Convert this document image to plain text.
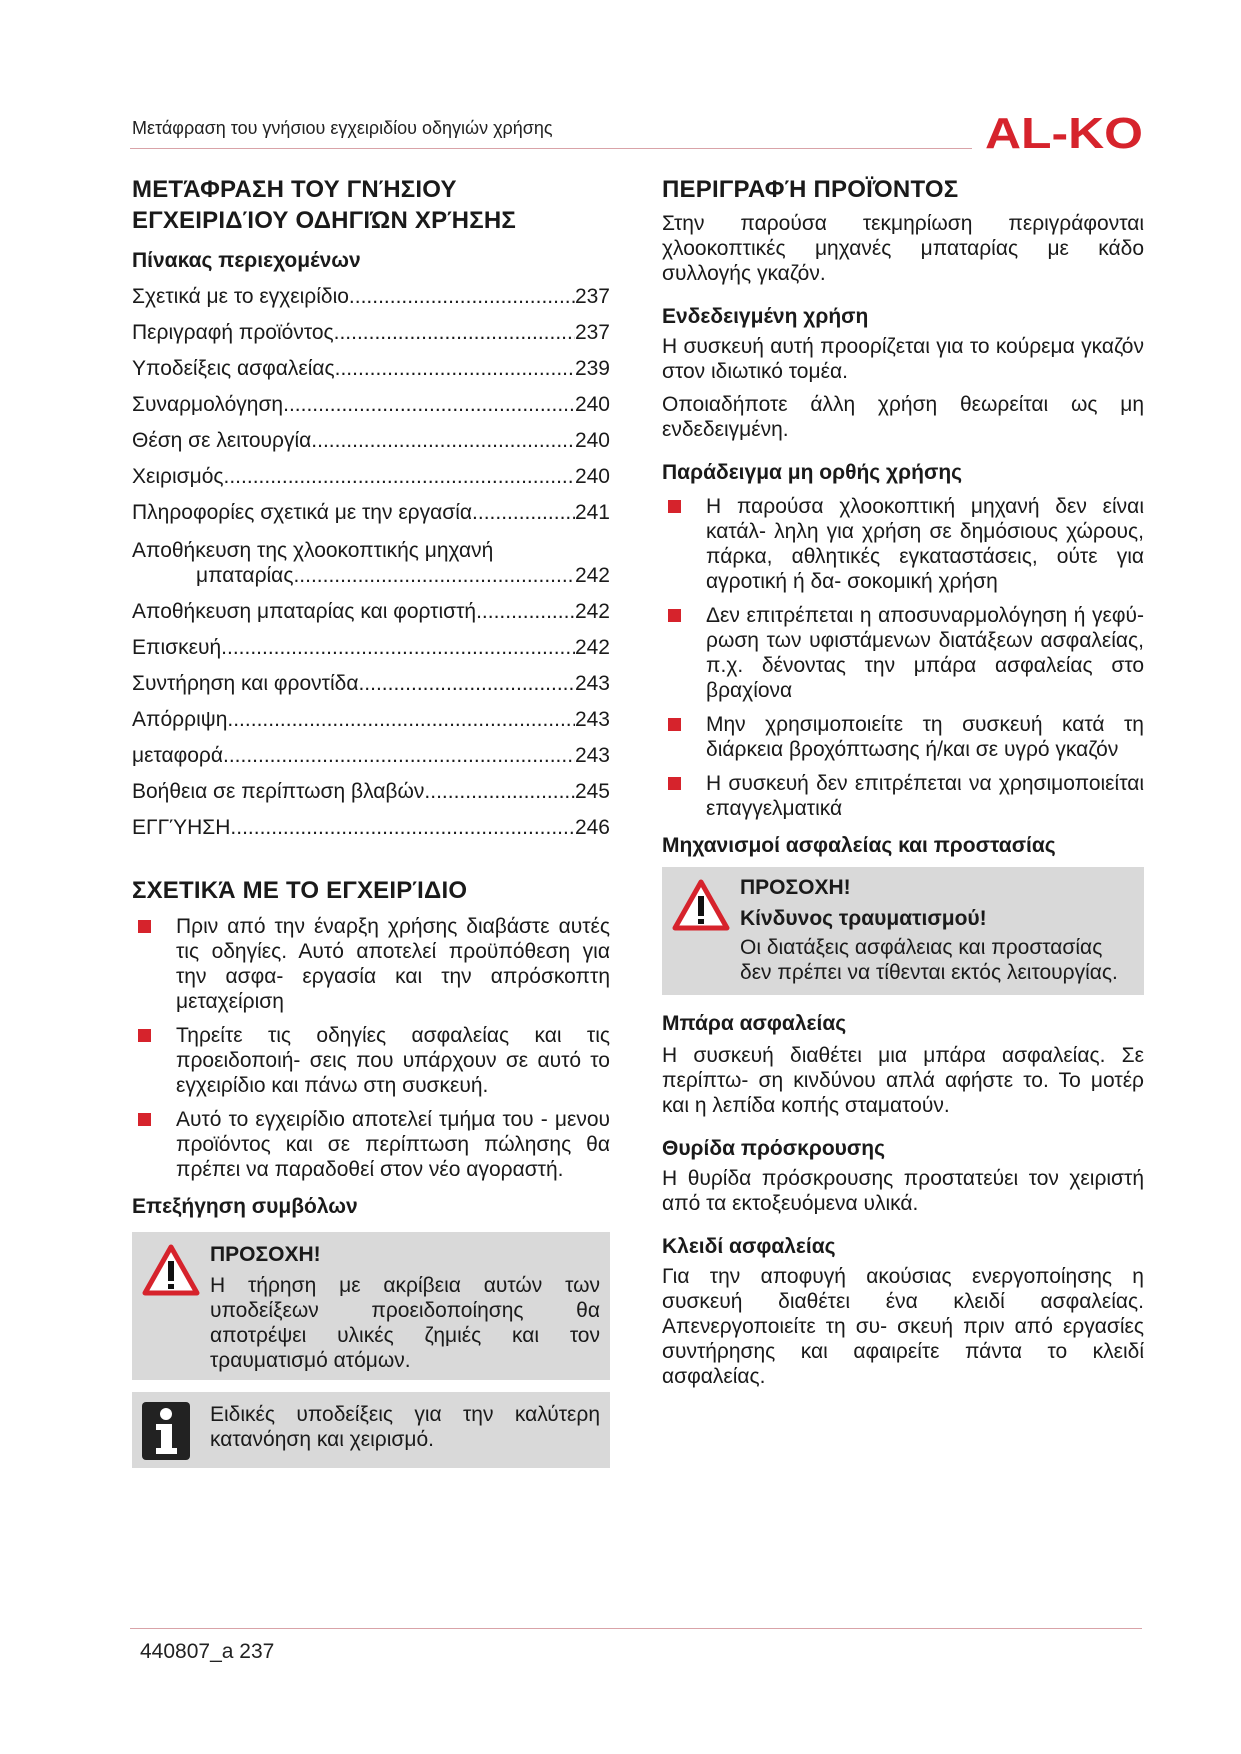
Μετάφραση του γνήσιου εγχειριδίου οδηγιών χρήσης	AL-KO
ΜΕΤΆΦΡΑΣΗ ΤΟΥ ΓΝΉΣΙΟΥ
ΕΓΧΕΙΡΙΔΊΟΥ ΟΔΗΓΙΏΝ ΧΡΉΣΗΣ
Πίνακας περιεχομένων
Σχετικά με το εγχειρίδιο .....	237
Περιγραφή προϊόντος .....	237
Υποδείξεις ασφαλείας .....	239
Συναρμολόγηση .....	240
Θέση σε λειτουργία .....	240
Χειρισμός .....	240
Πληροφορίες σχετικά με την εργασία .....	241
Αποθήκευση της χλοοκοπτικής μηχανή
μπαταρίας .....	242
Αποθήκευση μπαταρίας και φορτιστή .....	242
Επισκευή .....	242
Συντήρηση και φροντίδα .....	243
Απόρριψη .....	243
μεταφορά .....	243
Βοήθεια σε περίπτωση βλαβών .....	245
ΕΓΓΎΗΣΗ .....	246
ΣΧΕΤΙΚΆ ΜΕ ΤΟ ΕΓΧΕΙΡΊΔΙΟ
Πριν από την έναρξη χρήσης διαβάστε αυτές τις οδηγίες. Αυτό αποτελεί προϋπόθεση για την ασφα- εργασία και την απρόσκοπτη μεταχείριση
Τηρείτε τις οδηγίες ασφαλείας και τις προειδοποιή- σεις που υπάρχουν σε αυτό το εγχειρίδιο και πάνω στη συσκευή.
Αυτό το εγχειρίδιο αποτελεί τμήμα του - μενου προϊόντος και σε περίπτωση πώλησης θα πρέπει να παραδοθεί στον νέο αγοραστή.
Επεξήγηση συμβόλων
ΠΡΟΣΟΧΗ!
Η τήρηση με ακρίβεια αυτών των υποδείξεων προειδοποίησης θα αποτρέψει υλικές ζημιές και τον τραυματισμό ατόμων.
Ειδικές υποδείξεις για την καλύτερη κατανόηση και χειρισμό.
ΠΕΡΙΓΡΑΦΉ ΠΡΟΪΌΝΤΟΣ

Στην παρούσα τεκμηρίωση περιγράφονται χλοοκοπτικές μηχανές μπαταρίας με κάδο συλλογής γκαζόν.

Ενδεδειγμένη χρήση

Η συσκευή αυτή προορίζεται για το κούρεμα γκαζόν στον ιδιωτικό τομέα.

Οποιαδήποτε άλλη χρήση θεωρείται ως μη ενδεδειγμένη.

Παράδειγμα μη ορθής χρήσης
Η παρούσα χλοοκοπτική μηχανή δεν είναι κατάλ- ληλη για χρήση σε δημόσιους χώρους, πάρκα, αθλητικές εγκαταστάσεις, ούτε για αγροτική ή δα- σοκομική χρήση
Δεν επιτρέπεται η αποσυναρμολόγηση ή γεφύ- ρωση των υφιστάμενων διατάξεων ασφαλείας, π.χ. δένοντας την μπάρα ασφαλείας στο βραχίονα
Μην χρησιμοποιείτε τη συσκευή κατά τη διάρκεια βροχόπτωσης ή/και σε υγρό γκαζόν
Η συσκευή δεν επιτρέπεται να χρησιμοποιείται επαγγελματικά
Μηχανισμοί ασφαλείας και προστασίας
ΠΡΟΣΟΧΗ!
Κίνδυνος τραυματισμού!
Οι διατάξεις ασφάλειας και προστασίας δεν πρέπει να τίθενται εκτός λειτουργίας.
Μπάρα ασφαλείας

Η συσκευή διαθέτει μια μπάρα ασφαλείας. Σε περίπτω- ση κινδύνου απλά αφήστε το. Το μοτέρ και η λεπίδα κοπής σταματούν.

Θυρίδα πρόσκρουσης

Η θυρίδα πρόσκρουσης προστατεύει τον χειριστή από τα εκτοξευόμενα υλικά.

Κλειδί ασφαλείας

Για την αποφυγή ακούσιας ενεργοποίησης η συσκευή διαθέτει ένα κλειδί ασφαλείας. Απενεργοποιείτε τη συ- σκευή πριν από εργασίες συντήρησης και αφαιρείτε πάντα το κλειδί ασφαλείας.

440807_a 237
